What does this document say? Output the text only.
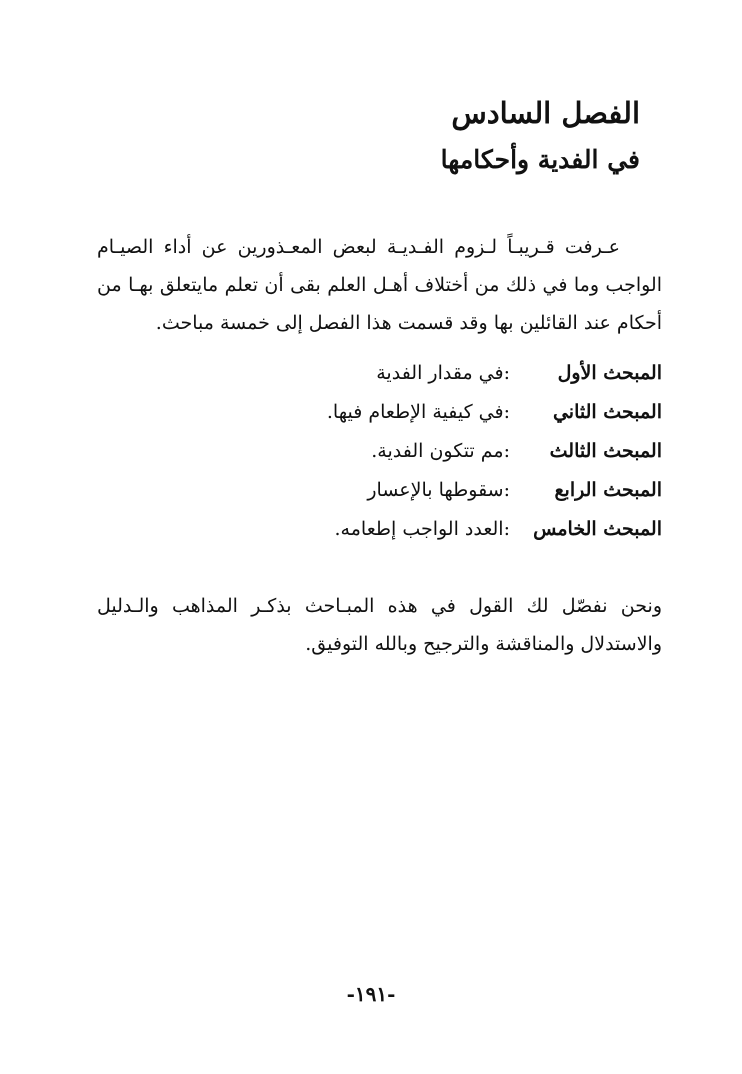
الفصل السادس
في الفدية وأحكامها
عـرفت قـريبـاً لـزوم الفـديـة لبعض المعـذورين عن أداء الصيـام الواجب وما في ذلك من أختلاف أهـل العلم بقى أن تعلم مايتعلق بهـا من أحكام عند القائلين بها وقد قسمت هذا الفصل إلى خمسة مباحث.
المبحث الأول
:في مقدار الفدية
المبحث الثاني
:في كيفية الإطعام فيها.
المبحث الثالث
:مم تتكون الفدية.
المبحث الرابع
:سقوطها بالإعسار
المبحث الخامس
:العدد الواجب إطعامه.
ونحن نفصّل لك القول في هذه المبـاحث بذكـر المذاهب والـدليل والاستدلال والمناقشة والترجيح وبالله التوفيق.
-١٩١-
